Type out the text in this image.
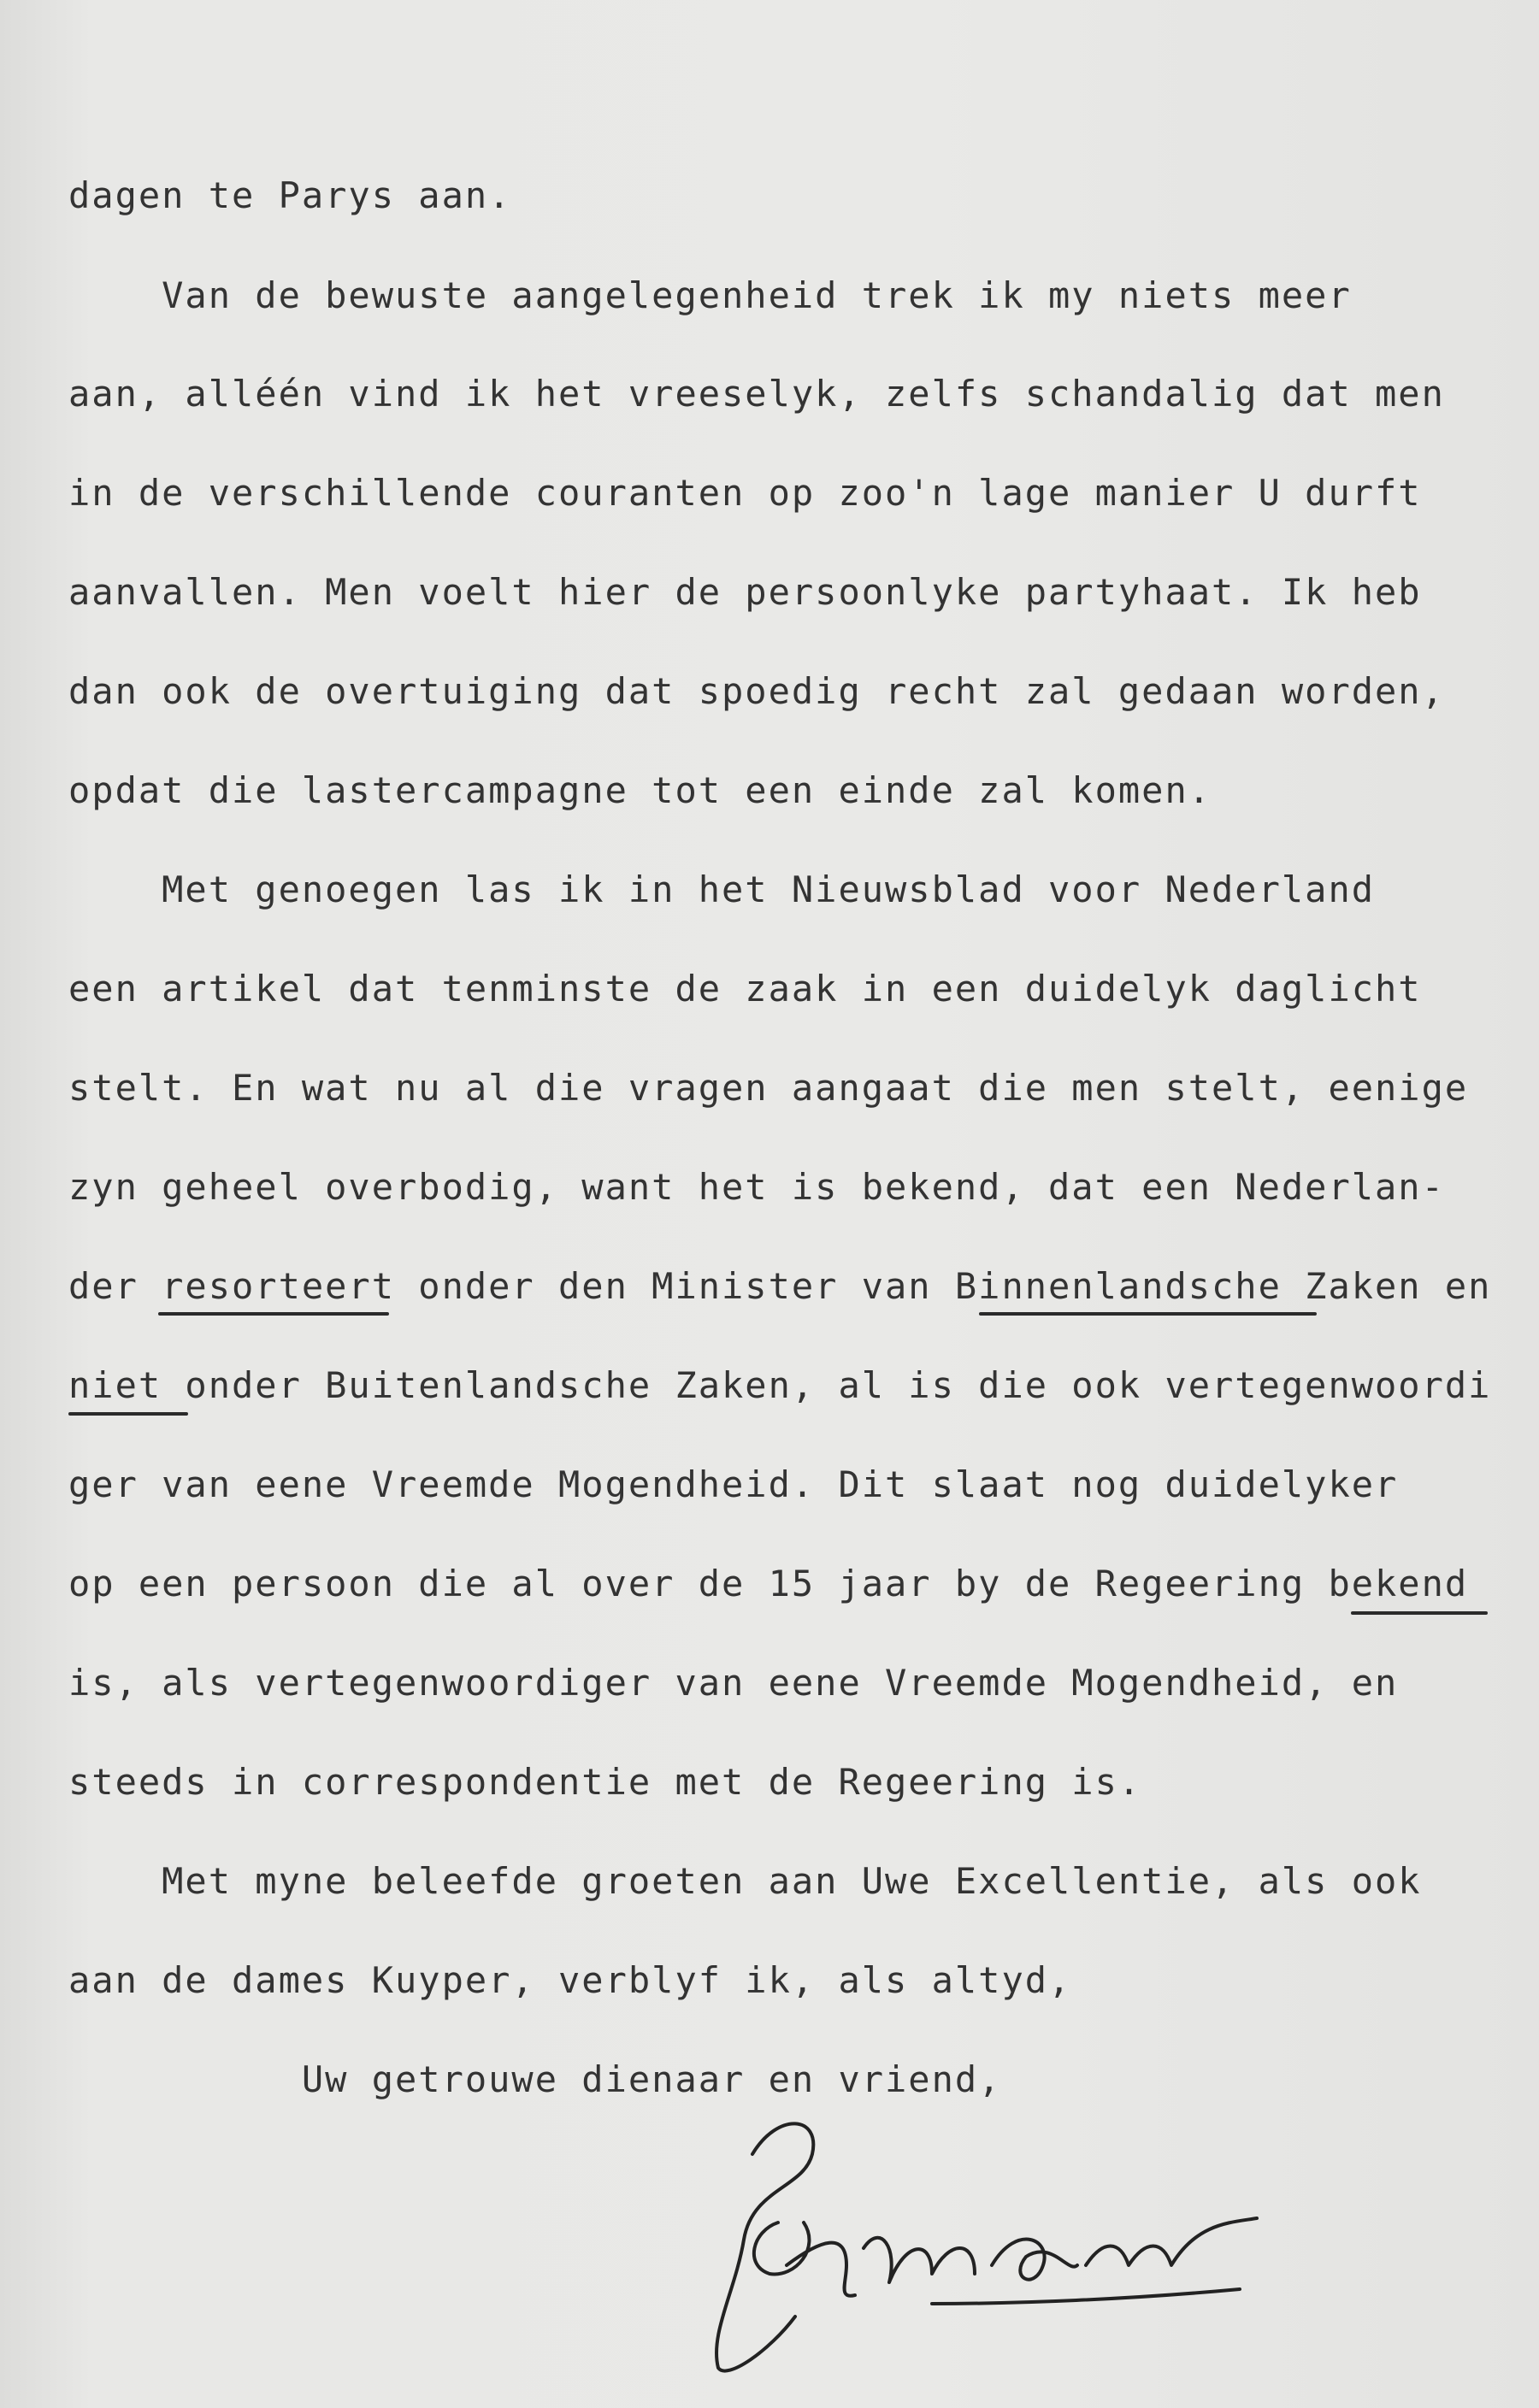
dagen te Parys aan.
Van de bewuste aangelegenheid trek ik my niets meer
aan, alléén vind ik het vreeselyk, zelfs schandalig dat men
in de verschillende couranten op zoo'n lage manier U durft
aanvallen. Men voelt hier de persoonlyke partyhaat. Ik heb
dan ook de overtuiging dat spoedig recht zal gedaan worden,
opdat die lastercampagne tot een einde zal komen.
Met genoegen las ik in het Nieuwsblad voor Nederland
een artikel dat tenminste de zaak in een duidelyk daglicht
stelt. En wat nu al die vragen aangaat die men stelt, eenige
zyn geheel overbodig, want het is bekend, dat een Nederlan-
der resorteert onder den Minister van Binnenlandsche Zaken en
niet onder Buitenlandsche Zaken, al is die ook vertegenwoordi
ger van eene Vreemde Mogendheid. Dit slaat nog duidelyker
op een persoon die al over de 15 jaar by de Regeering bekend
is, als vertegenwoordiger van eene Vreemde Mogendheid, en
steeds in correspondentie met de Regeering is.
Met myne beleefde groeten aan Uwe Excellentie, als ook
aan de dames Kuyper, verblyf ik, als altyd,
Uw getrouwe dienaar en vriend,
